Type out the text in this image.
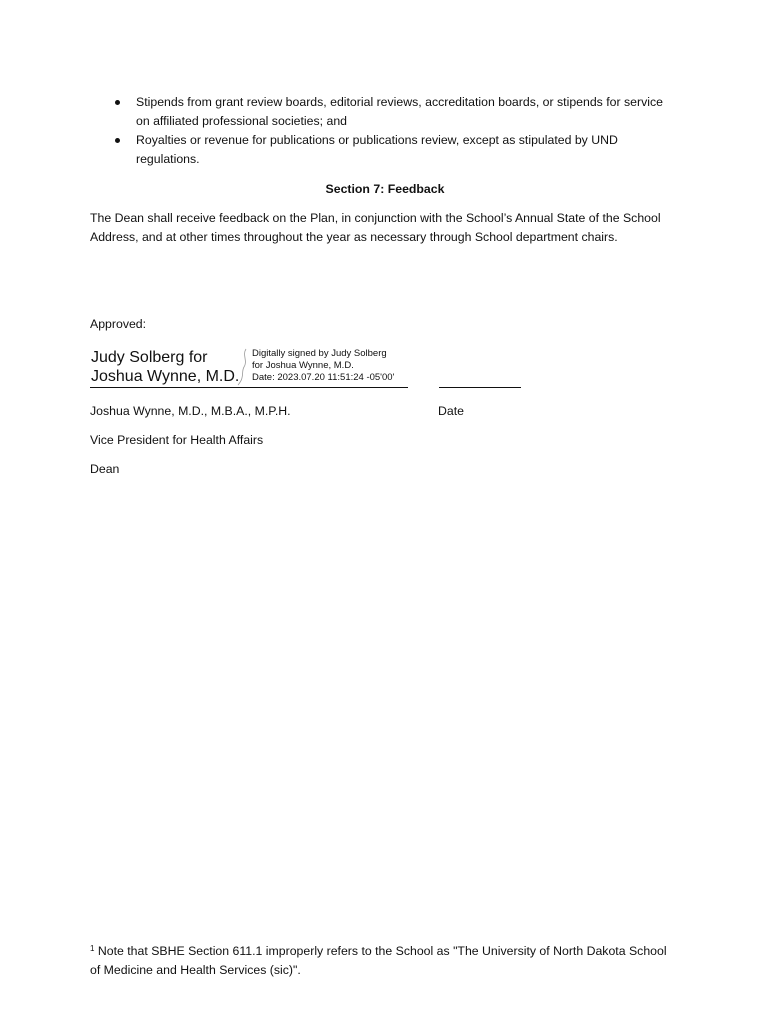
Stipends from grant review boards, editorial reviews, accreditation boards, or stipends for service on affiliated professional societies; and
Royalties or revenue for publications or publications review, except as stipulated by UND regulations.
Section 7: Feedback
The Dean shall receive feedback on the Plan, in conjunction with the School’s Annual State of the School Address, and at other times throughout the year as necessary through School department chairs.
Approved:
Judy Solberg for
Joshua Wynne, M.D.
Digitally signed by Judy Solberg
for Joshua Wynne, M.D.
Date: 2023.07.20 11:51:24 -05'00'
Joshua Wynne, M.D., M.B.A., M.P.H.	Date
Vice President for Health Affairs
Dean
$^1$ Note that SBHE Section 611.1 improperly refers to the School as "The University of North Dakota School of Medicine and Health Services (sic)".
